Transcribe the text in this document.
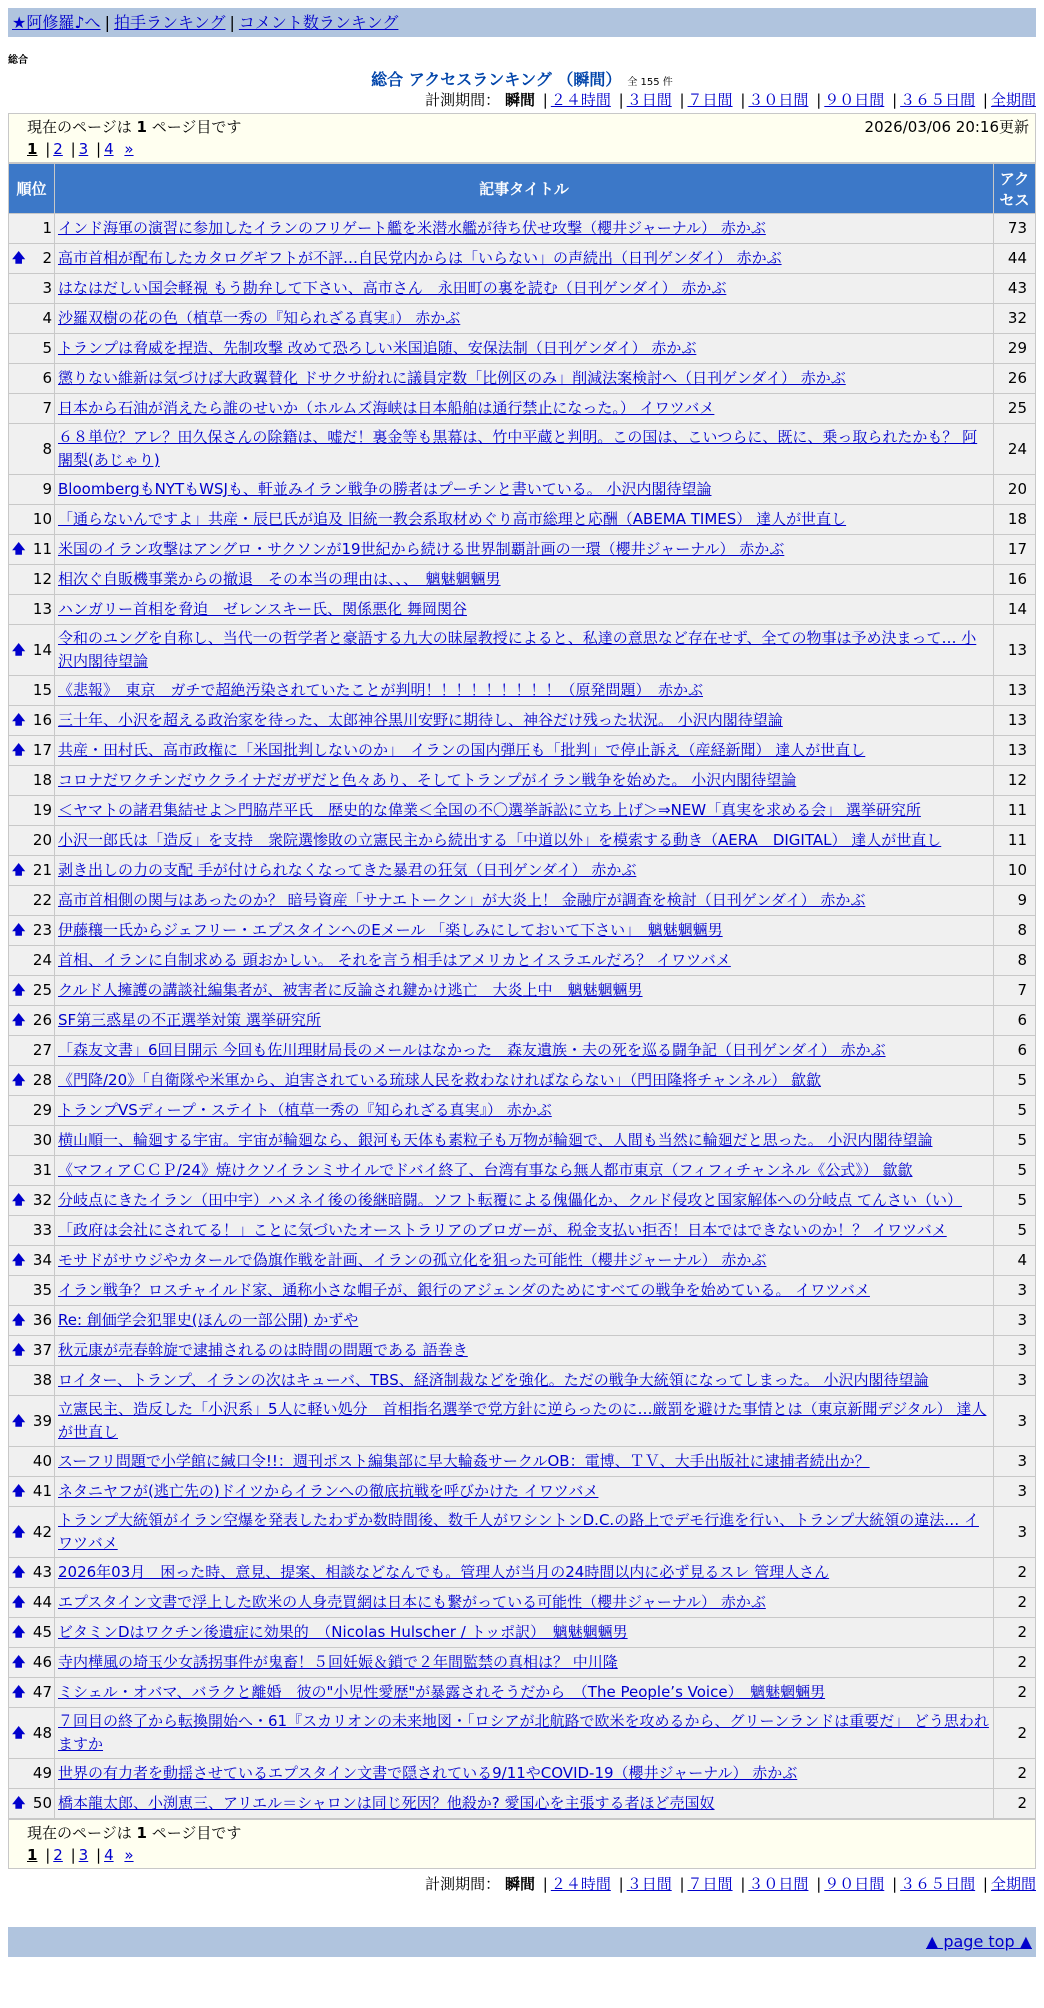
★阿修羅♪へ | 拍手ランキング | コメント数ランキング
総合
総合 アクセスランキング （瞬間） 全 155 件
計測期間： 瞬間 | ２４時間 | ３日間 | ７日間 | ３０日間 | ９０日間 | ３６５日間 | 全期間
現在のページは 1 ページ目です	2026/03/06 20:16更新
1 | 2 | 3 | 4 »
順位	記事タイトル	アクセス
1	インド海軍の演習に参加したイランのフリゲート艦を米潜水艦が待ち伏せ攻撃（櫻井ジャーナル） 赤かぶ	73

🡅 2	高市首相が配布したカタログギフトが不評…自民党内からは「いらない」の声続出（日刊ゲンダイ） 赤かぶ	44
3	はなはだしい国会軽視 もう勘弁して下さい、高市さん　永田町の裏を読む（日刊ゲンダイ） 赤かぶ	43
4	沙羅双樹の花の色（植草一秀の『知られざる真実』） 赤かぶ	32
5	トランプは脅威を捏造、先制攻撃 改めて恐ろしい米国追随、安保法制（日刊ゲンダイ） 赤かぶ	29
6	懲りない維新は気づけば大政翼賛化 ドサクサ紛れに議員定数「比例区のみ」削減法案検討へ（日刊ゲンダイ） 赤かぶ	26
7	日本から石油が消えたら誰のせいか（ホルムズ海峡は日本船舶は通行禁止になった。） イワツバメ	25
8	６８単位？アレ？田久保さんの除籍は、嘘だ！裏金等も黒幕は、竹中平蔵と判明。この国は、こいつらに、既に、乗っ取られたかも？ 阿闍梨(あじゃり)	24
9	BloombergもNYTもWSJも、軒並みイラン戦争の勝者はプーチンと書いている。 小沢内閣待望論	20
10	「通らないんですよ」共産・辰巳氏が追及 旧統一教会系取材めぐり高市総理と応酬（ABEMA TIMES） 達人が世直し	18

🡅 11	米国のイラン攻撃はアングロ・サクソンが19世紀から続ける世界制覇計画の一環（櫻井ジャーナル） 赤かぶ	17
12	相次ぐ自販機事業からの撤退　その本当の理由は、、、　魑魅魍魎男	16
13	ハンガリー首相を脅迫　ゼレンスキー氏、関係悪化 舞岡関谷	14

🡅 14	令和のユングを自称し、当代一の哲学者と豪語する九大の昧屋教授によると、私達の意思など存在せず、全ての物事は予め決まって… 小沢内閣待望論	13
15	《悲報》　東京　ガチで超絶汚染されていたことが判明！！！！！！！！！（原発問題）　赤かぶ	13

🡅 16	三十年、小沢を超える政治家を待った、太郎神谷黒川安野に期待し、神谷だけ残った状況。 小沢内閣待望論	13

🡅 17	共産・田村氏、高市政権に「米国批判しないのか」　イランの国内弾圧も「批判」で停止訴え（産経新聞） 達人が世直し	13
18	コロナだワクチンだウクライナだガザだと色々あり、そしてトランプがイラン戦争を始めた。 小沢内閣待望論	12
19	＜ヤマトの諸君集結せよ＞門脇芹平氏　歴史的な偉業＜全国の不〇選挙訴訟に立ち上げ＞⇒NEW「真実を求める会」 選挙研究所	11
20	小沢一郎氏は「造反」を支持　衆院選惨敗の立憲民主から続出する「中道以外」を模索する動き（AERA　DIGITAL） 達人が世直し	11

🡅 21	剥き出しの力の支配 手が付けられなくなってきた暴君の狂気（日刊ゲンダイ） 赤かぶ	10
22	高市首相側の関与はあったのか？ 暗号資産「サナエトークン」が大炎上！ 金融庁が調査を検討（日刊ゲンダイ） 赤かぶ	9

🡅 23	伊藤穰一氏からジェフリー・エプスタインへのEメール 「楽しみにしておいて下さい」　魑魅魍魎男	8
24	首相、イランに自制求める 頭おかしい。 それを言う相手はアメリカとイスラエルだろ？ イワツバメ	8

🡅 25	クルド人擁護の講談社編集者が、被害者に反論され鍵かけ逃亡　大炎上中　魑魅魍魎男	7

🡅 26	SF第三惑星の不正選挙対策 選挙研究所	6
27	「森友文書」6回目開示 今回も佐川理財局長のメールはなかった　森友遺族・夫の死を巡る闘争記（日刊ゲンダイ） 赤かぶ	6

🡅 28	《門降/20》「自衛隊や米軍から、迫害されている琉球人民を救わなければならない」（門田隆将チャンネル） 歙歙	5
29	トランプVSディープ・ステイト（植草一秀の『知られざる真実』） 赤かぶ	5
30	横山順一、輪廻する宇宙。宇宙が輪廻なら、銀河も天体も素粒子も万物が輪廻で、人間も当然に輪廻だと思った。 小沢内閣待望論	5
31	《マフィアＣＣＰ/24》焼けクソイランミサイルでドバイ終了、台湾有事なら無人都市東京（フィフィチャンネル《公式》） 歙歙	5

🡅 32	分岐点にきたイラン（田中宇）ハメネイ後の後継暗闘。ソフト転覆による傀儡化か、クルド侵攻と国家解体への分岐点 てんさい（い）	5
33	「政府は会社にされてる！」ことに気づいたオーストラリアのブロガーが、税金支払い拒否！日本ではできないのか！？ イワツバメ	5

🡅 34	モサドがサウジやカタールで偽旗作戦を計画、イランの孤立化を狙った可能性（櫻井ジャーナル） 赤かぶ	4
35	イラン戦争？ロスチャイルド家、通称小さな帽子が、銀行のアジェンダのためにすべての戦争を始めている。 イワツバメ	3

🡅 36	Re: 創価学会犯罪史(ほんの一部公開) かずや	3

🡅 37	秋元康が売春斡旋で逮捕されるのは時間の問題である 語巻き	3
38	ロイター、トランプ、イランの次はキューバ、TBS、経済制裁などを強化。ただの戦争大統領になってしまった。 小沢内閣待望論	3

🡅 39	立憲民主、造反した「小沢系」5人に軽い処分　首相指名選挙で党方針に逆らったのに…厳罰を避けた事情とは（東京新聞デジタル） 達人が世直し	3
40	スーフリ問題で小学館に緘口令!!：週刊ポスト編集部に早大輪姦サークルOB：電博、ＴＶ、大手出版社に逮捕者続出か？	3

🡅 41	ネタニヤフが(逃亡先の)ドイツからイランへの徹底抗戦を呼びかけた イワツバメ	3

🡅 42	トランプ大統領がイラン空爆を発表したわずか数時間後、数千人がワシントンD.C.の路上でデモ行進を行い、トランプ大統領の違法… イワツバメ	3

🡅 43	2026年03月　困った時、意見、提案、相談などなんでも。管理人が当月の24時間以内に必ず見るスレ 管理人さん	2

🡅 44	エプスタイン文書で浮上した欧米の人身売買網は日本にも繋がっている可能性（櫻井ジャーナル） 赤かぶ	2

🡅 45	ビタミンDはワクチン後遺症に効果的　（Nicolas Hulscher / トッポ訳）　魑魅魍魎男	2

🡅 46	寺内樺風の埼玉少女誘拐事件が鬼畜！５回妊娠＆鎖で２年間監禁の真相は？ 中川隆	2

🡅 47	ミシェル・オバマ、バラクと離婚　彼の"小児性愛歴"が暴露されそうだから　（The People’s Voice）　魑魅魍魎男	2

🡅 48	７回目の終了から転換開始へ・61『スカリオンの未来地図・「ロシアが北航路で欧米を攻めるから、グリーンランドは重要だ」 どう思われますか	2
49	世界の有力者を動揺させているエプスタイン文書で隠されている9/11やCOVID-19（櫻井ジャーナル） 赤かぶ	2

🡅 50	橋本龍太郎、小渕恵三、アリエル＝シャロンは同じ死因？他殺か? 愛国心を主張する者ほど売国奴	2
現在のページは 1 ページ目です
1 | 2 | 3 | 4 »
計測期間： 瞬間 | ２４時間 | ３日間 | ７日間 | ３０日間 | ９０日間 | ３６５日間 | 全期間
▲ page top ▲
